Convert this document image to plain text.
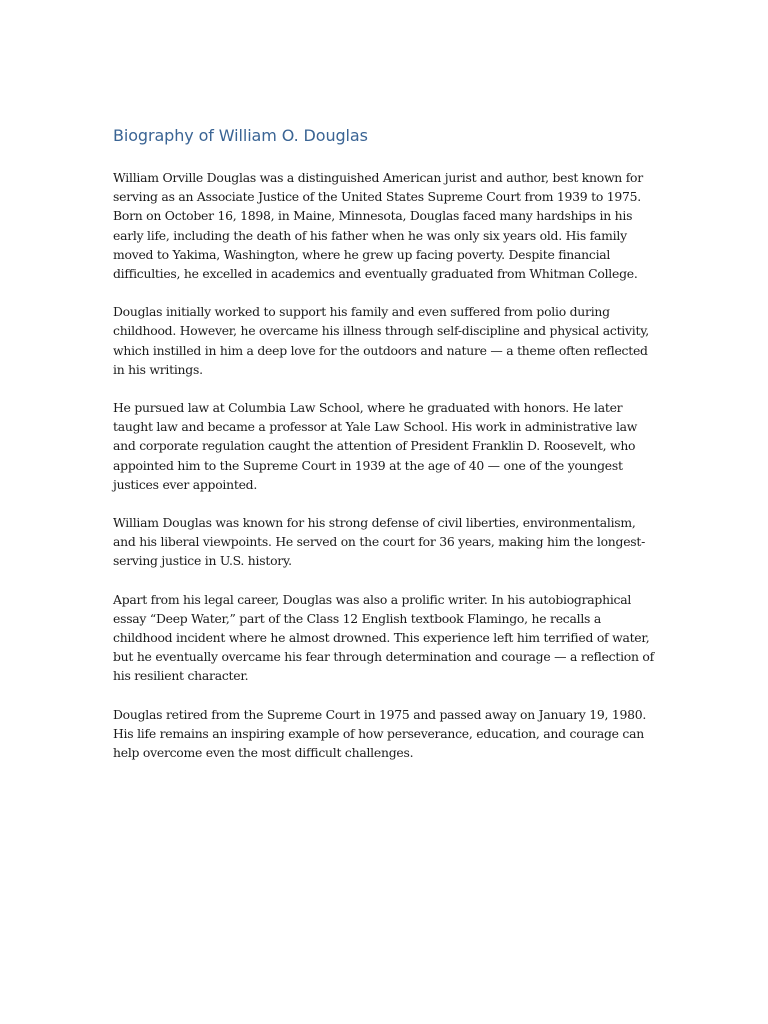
Biography of William O. Douglas

William Orville Douglas was a distinguished American jurist and author, best known for serving as an Associate Justice of the United States Supreme Court from 1939 to 1975. Born on October 16, 1898, in Maine, Minnesota, Douglas faced many hardships in his early life, including the death of his father when he was only six years old. His family moved to Yakima, Washington, where he grew up facing poverty. Despite financial difficulties, he excelled in academics and eventually graduated from Whitman College.

Douglas initially worked to support his family and even suffered from polio during childhood. However, he overcame his illness through self-discipline and physical activity, which instilled in him a deep love for the outdoors and nature — a theme often reflected in his writings.

He pursued law at Columbia Law School, where he graduated with honors. He later taught law and became a professor at Yale Law School. His work in administrative law and corporate regulation caught the attention of President Franklin D. Roosevelt, who appointed him to the Supreme Court in 1939 at the age of 40 — one of the youngest justices ever appointed.

William Douglas was known for his strong defense of civil liberties, environmentalism, and his liberal viewpoints. He served on the court for 36 years, making him the longest-serving justice in U.S. history.

Apart from his legal career, Douglas was also a prolific writer. In his autobiographical essay “Deep Water,” part of the Class 12 English textbook Flamingo, he recalls a childhood incident where he almost drowned. This experience left him terrified of water, but he eventually overcame his fear through determination and courage — a reflection of his resilient character.

Douglas retired from the Supreme Court in 1975 and passed away on January 19, 1980. His life remains an inspiring example of how perseverance, education, and courage can help overcome even the most difficult challenges.
